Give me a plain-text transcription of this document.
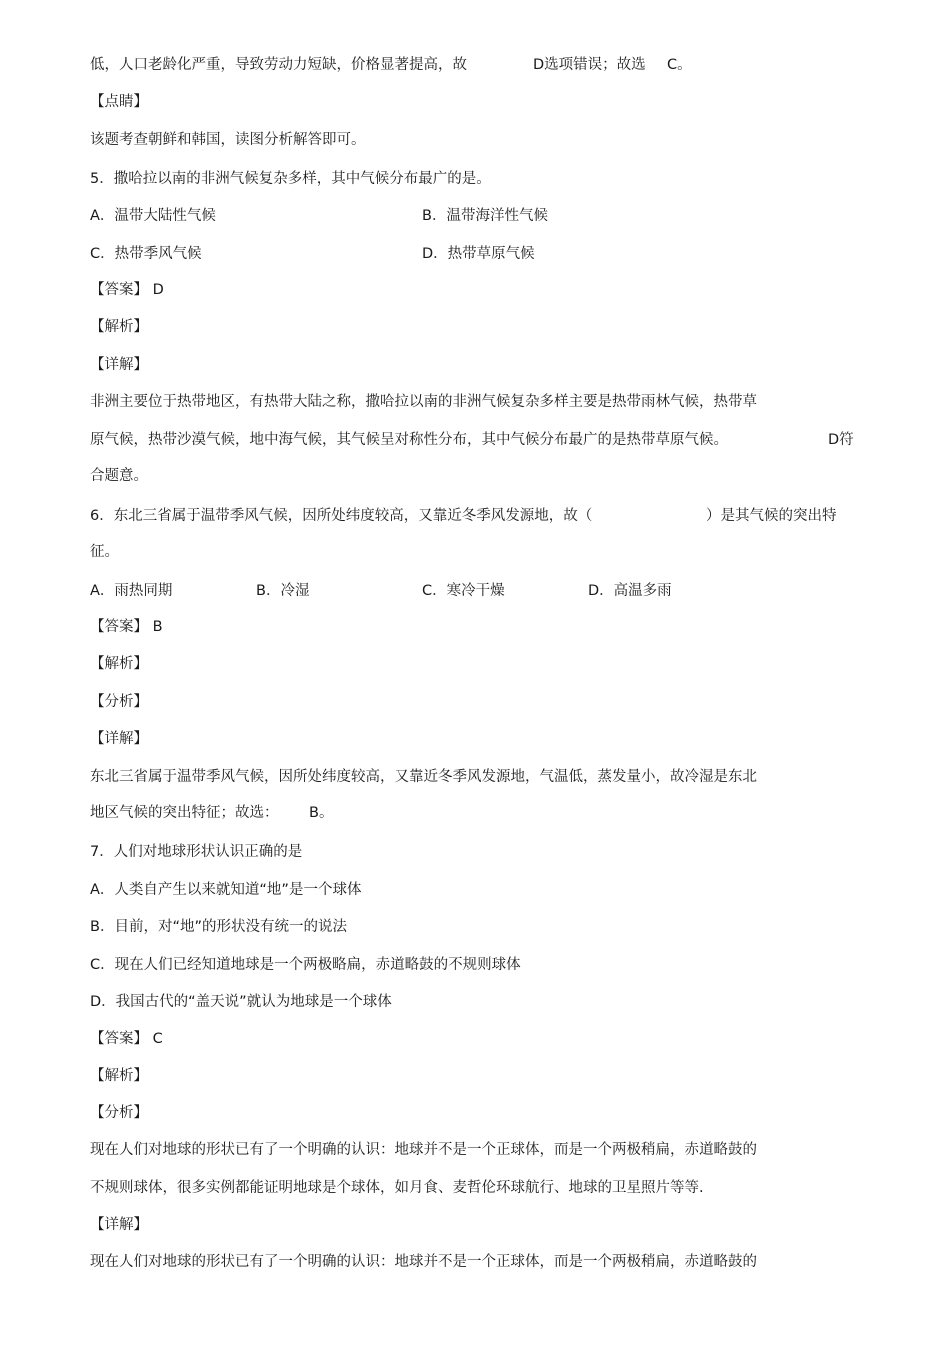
低，人口老龄化严重，导致劳动力短缺，价格显著提高，故	D选项错误；故选 C。
【点睛】
该题考查朝鲜和韩国，读图分析解答即可。
5．撒哈拉以南的非洲气候复杂多样，其中气候分布最广的是。
A．温带大陆性气候	B．温带海洋性气候
C．热带季风气候	D．热带草原气候
【答案】 D
【解析】
【详解】
非洲主要位于热带地区，有热带大陆之称，撒哈拉以南的非洲气候复杂多样主要是热带雨林气候，热带草
原气候，热带沙漠气候，地中海气候，其气候呈对称性分布，其中气候分布最广的是热带草原气候。	D符
合题意。
6．东北三省属于温带季风气候，因所处纬度较高，又靠近冬季风发源地，故（	）是其气候的突出特
征。
A．雨热同期	B．冷湿	C．寒冷干燥	D．高温多雨
【答案】 B
【解析】
【分析】
【详解】
东北三省属于温带季风气候，因所处纬度较高，又靠近冬季风发源地，气温低，蒸发量小，故冷湿是东北
地区气候的突出特征；故选： B。
7．人们对地球形状认识正确的是
A．人类自产生以来就知道“地”是一个球体
B．目前，对“地”的形状没有统一的说法
C．现在人们已经知道地球是一个两极略扁，赤道略鼓的不规则球体
D．我国古代的“盖天说”就认为地球是一个球体
【答案】 C
【解析】
【分析】
现在人们对地球的形状已有了一个明确的认识：地球并不是一个正球体，而是一个两极稍扁，赤道略鼓的
不规则球体，很多实例都能证明地球是个球体，如月食、麦哲伦环球航行、地球的卫星照片等等.
【详解】
现在人们对地球的形状已有了一个明确的认识：地球并不是一个正球体，而是一个两极稍扁，赤道略鼓的
